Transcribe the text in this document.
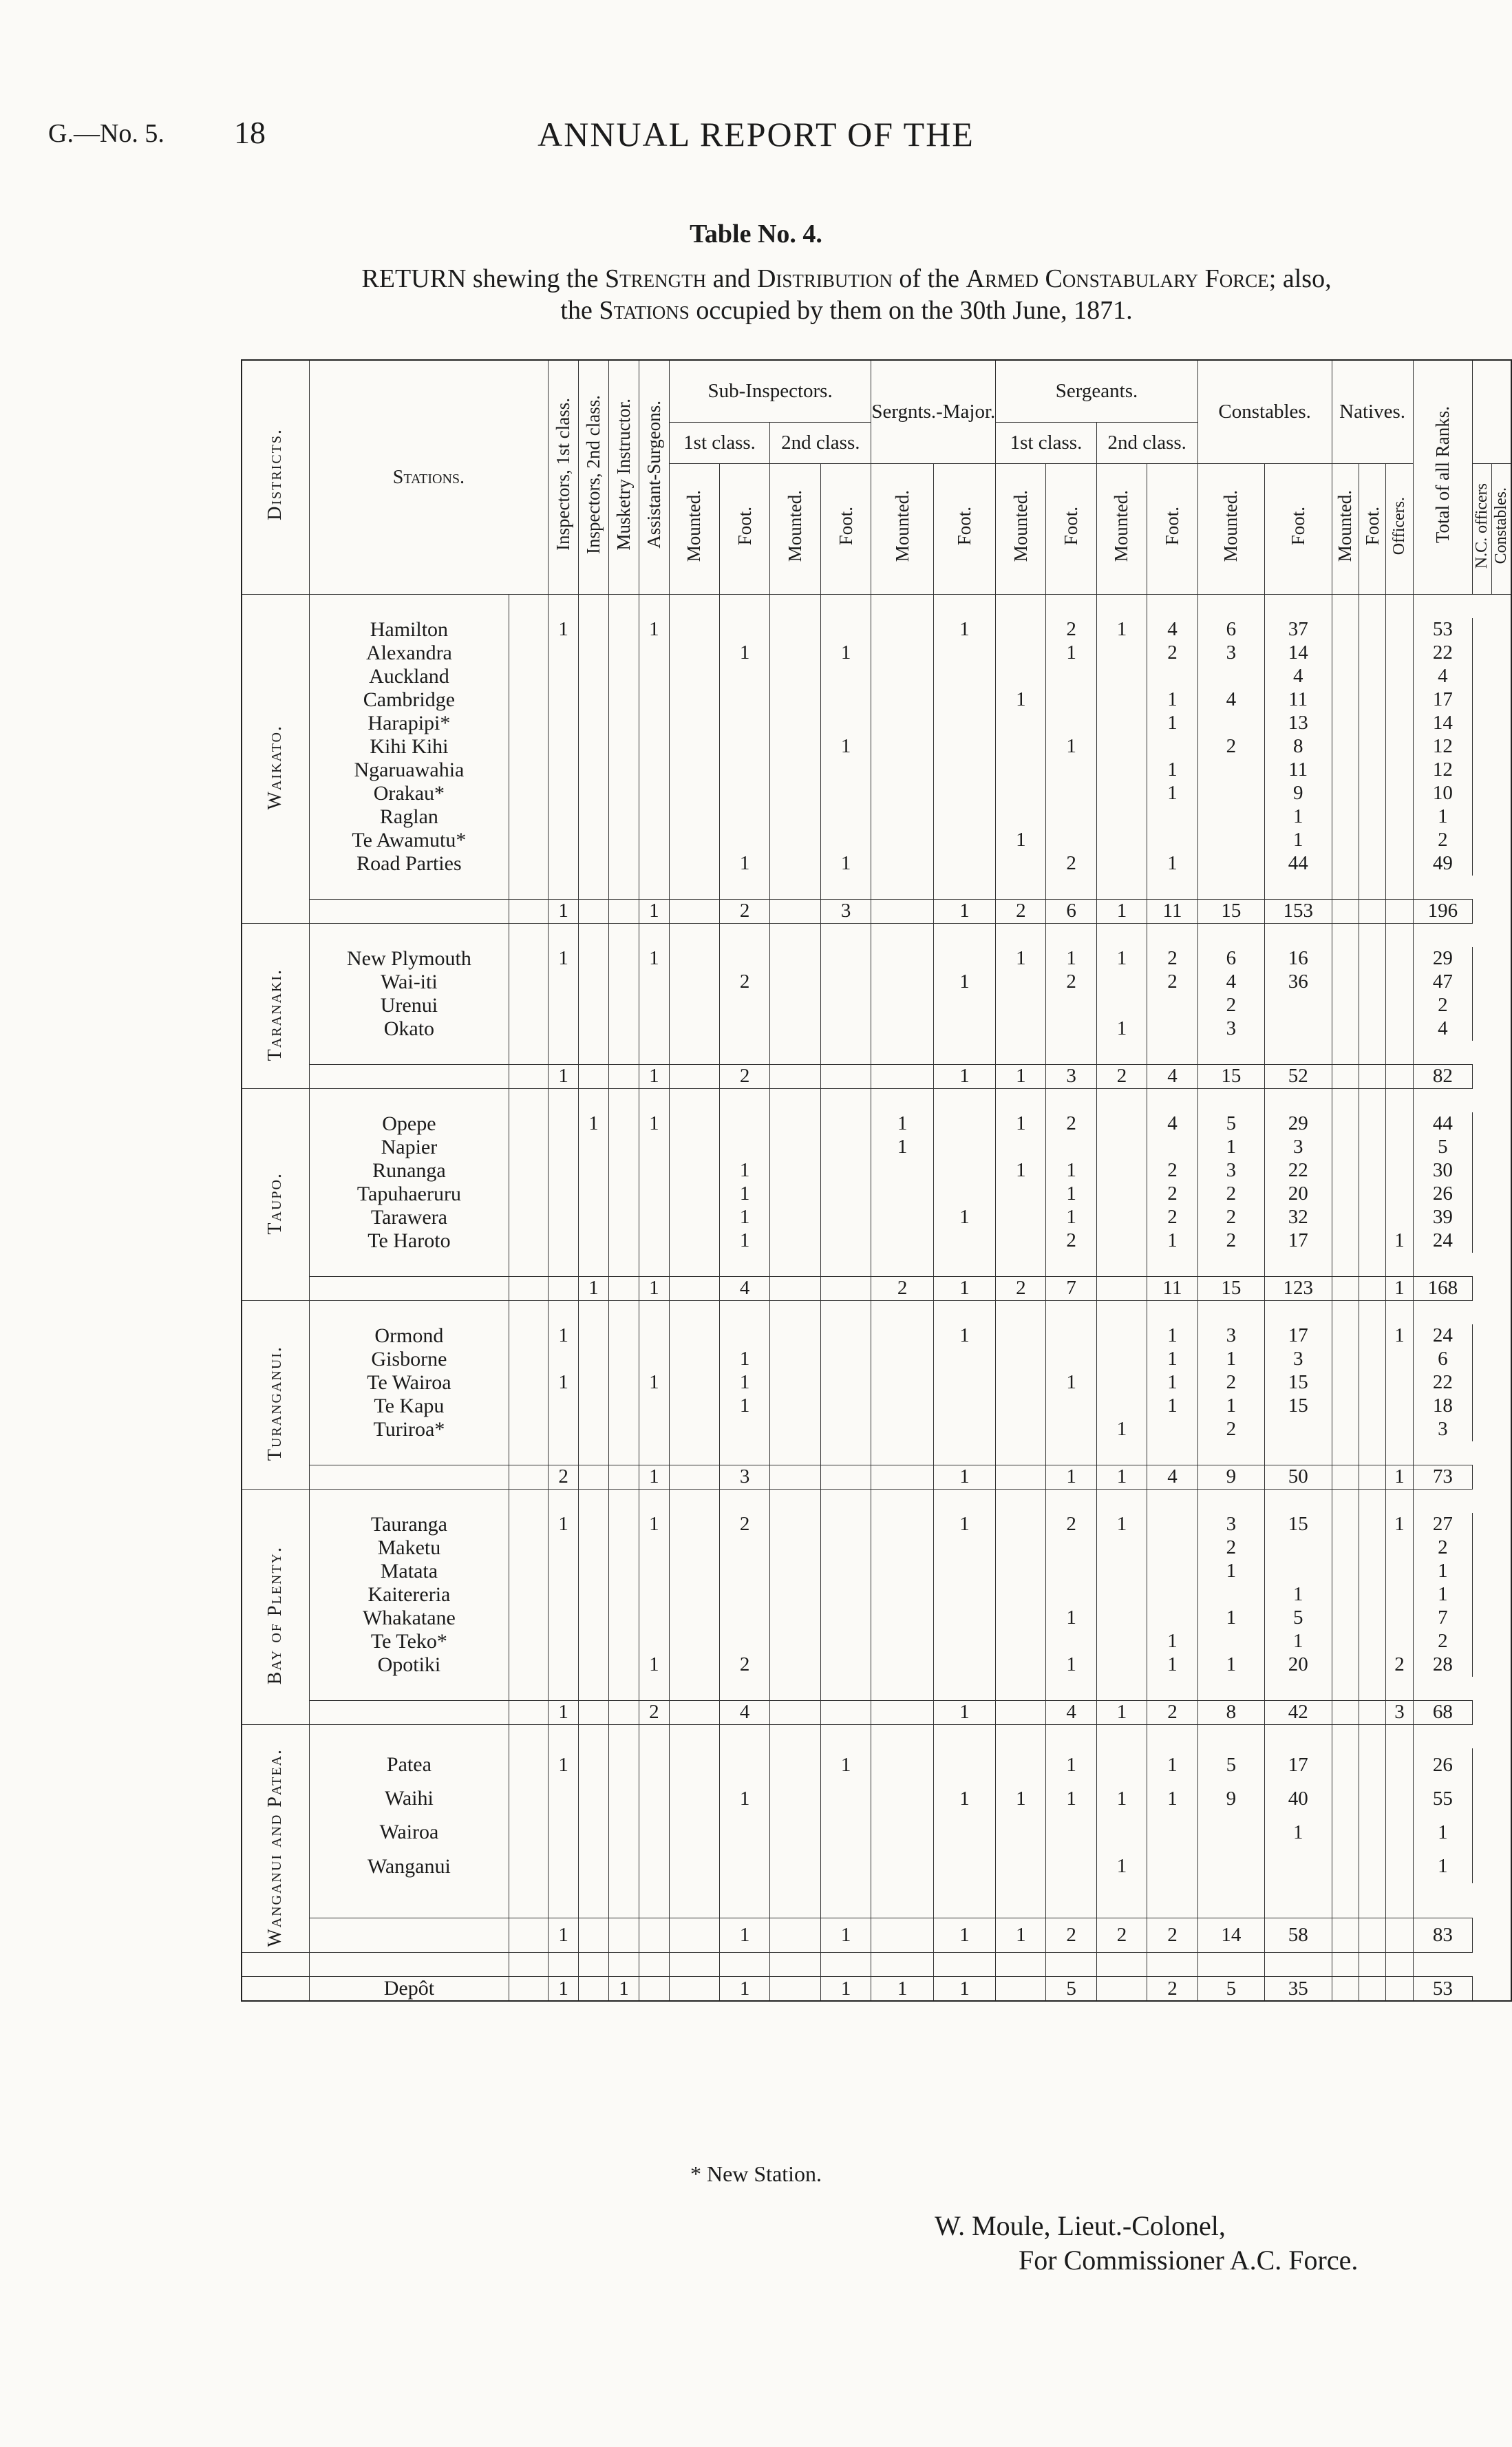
G.—No. 5. 18	ANNUAL REPORT OF THE
Table No. 4.
RETURN shewing the Strength and Distribution of the Armed Constabulary Force; also,
the Stations occupied by them on the 30th June, 1871.
Districts.	Stations.		Inspectors, 1st class.	Inspectors, 2nd class.	Musketry Instructor.	Assistant-Surgeons.	Sub-Inspectors.				Sergnts.-Major.		Sergeants.				Constables.		Natives.			Total of all Ranks.		
							1st class.		2nd class.				1st class.		2nd class.									
							Mounted.	Foot.	Mounted.	Foot.	Mounted.	Foot.	Mounted.	Foot.	Mounted.	Foot.	Mounted.	Foot.	Mounted.	Foot.	Officers.		N.C. officers	Constables.

Waikato.	Hamilton		1			1						1		2	1	4	6	37				53		
	Alexandra							1		1				1		2	3	14				22		
	Auckland																	4				4		
	Cambridge												1			1	4	11				17		
	Harapipi*															1		13				14		
	Kihi Kihi									1				1			2	8				12		
	Ngaruawahia															1		11				12		
	Orakau*															1		9				10		
	Raglan																	1				1		
	Te Awamutu*												1					1				2		
	Road Parties							1		1				2		1		44				49		

			1			1		2		3		1	2	6	1	11	15	153				196		

Taranaki.	New Plymouth		1			1							1	1	1	2	6	16				29		
	Wai-iti							2				1		2		2	4	36				47		
	Urenui																2					2		
	Okato														1		3					4		

			1			1		2				1	1	3	2	4	15	52				82		

Taupo.	Opepe			1		1					1		1	2		4	5	29				44		
	Napier										1						1	3				5		
	Runanga							1					1	1		2	3	22				30		
	Tapuhaeruru							1						1		2	2	20				26		
	Tarawera							1				1		1		2	2	32				39		
	Te Haroto							1						2		1	2	17			1	24		

				1		1		4			2	1	2	7		11	15	123			1	168		

Turanganui.	Ormond		1									1				1	3	17			1	24		
	Gisborne							1								1	1	3				6		
	Te Wairoa		1			1		1						1		1	2	15				22		
	Te Kapu							1								1	1	15				18		
	Turiroa*														1		2					3		

			2			1		3				1		1	1	4	9	50			1	73		

Bay of Plenty.	Tauranga		1			1		2				1		2	1		3	15			1	27		
	Maketu																2					2		
	Matata																1					1		
	Kaitereria																	1				1		
	Whakatane													1			1	5				7		
	Te Teko*															1		1				2		
	Opotiki					1		2						1		1	1	20			2	28		

			1			2		4				1		4	1	2	8	42			3	68		

Wanganui and Patea.	Patea		1							1				1		1	5	17				26		
	Waihi							1				1	1	1	1	1	9	40				55		
	Wairoa																	1				1		
	Wanganui														1							1		

			1					1		1		1	1	2	2	2	14	58				83		

	Depôt		1		1			1		1	1	1		5		2	5	35				53		
* New Station.
W. Moule, Lieut.-Colonel,
For Commissioner A.C. Force.
